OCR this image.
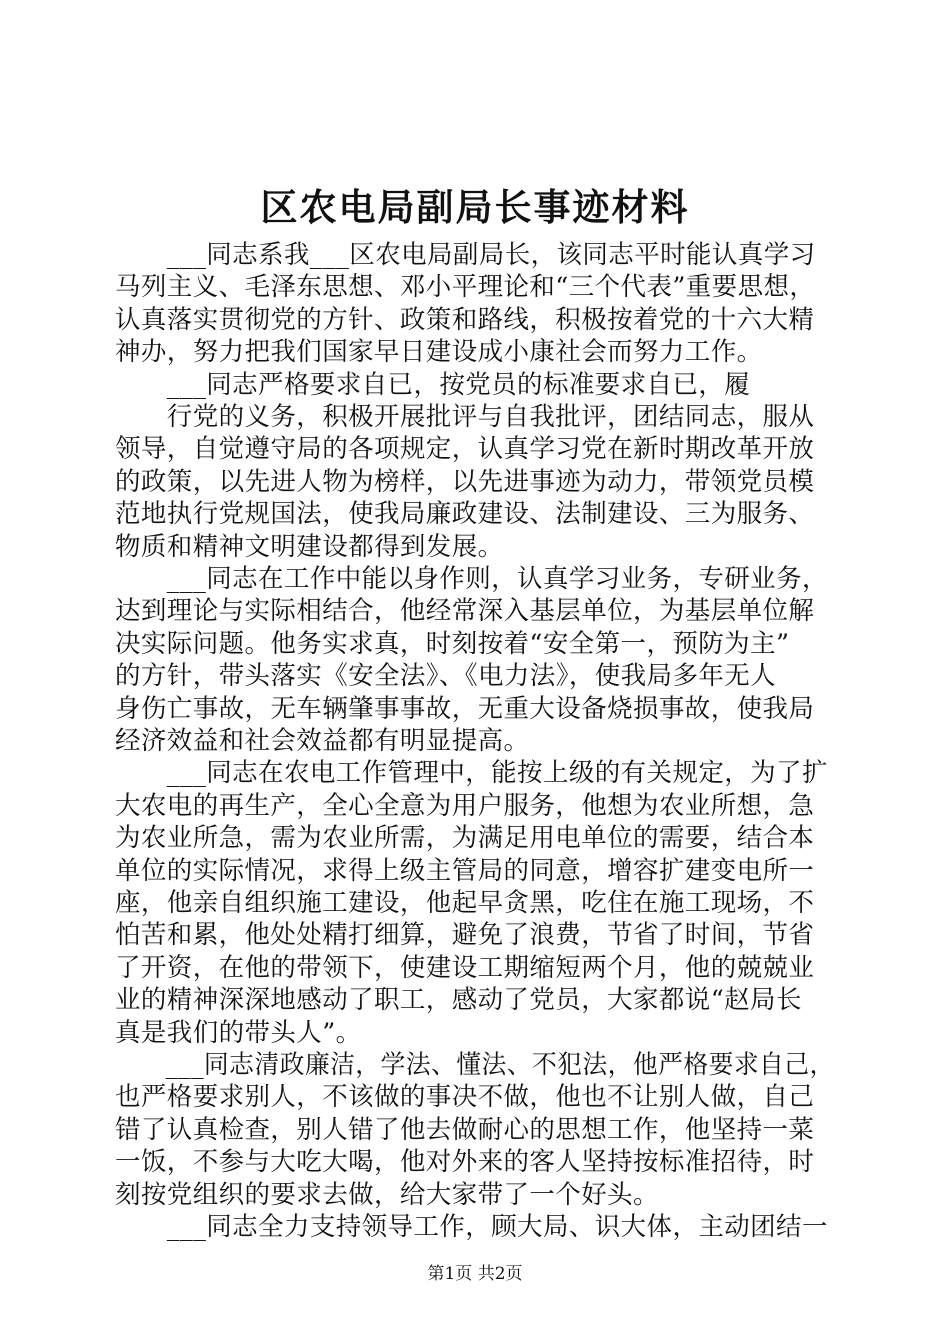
区农电局副局长事迹材料
　　___同志系我___区农电局副局长，该同志平时能认真学习
马列主义、毛泽东思想、邓小平理论和“三个代表”重要思想，
认真落实贯彻党的方针、政策和路线，积极按着党的十六大精
神办，努力把我们国家早日建设成小康社会而努力工作。
　　___同志严格要求自已，按党员的标准要求自已，履
　　行党的义务，积极开展批评与自我批评，团结同志，服从
领导，自觉遵守局的各项规定，认真学习党在新时期改革开放
的政策，以先进人物为榜样，以先进事迹为动力，带领党员模
范地执行党规国法，使我局廉政建设、法制建设、三为服务、
物质和精神文明建设都得到发展。
　　___同志在工作中能以身作则，认真学习业务，专研业务，
达到理论与实际相结合，他经常深入基层单位，为基层单位解
决实际问题。他务实求真，时刻按着“安全第一，预防为主”
的方针，带头落实《安全法》、《电力法》，使我局多年无人
身伤亡事故，无车辆肇事事故，无重大设备烧损事故，使我局
经济效益和社会效益都有明显提高。
　　___同志在农电工作管理中，能按上级的有关规定，为了扩
大农电的再生产，全心全意为用户服务，他想为农业所想，急
为农业所急，需为农业所需，为满足用电单位的需要，结合本
单位的实际情况，求得上级主管局的同意，增容扩建变电所一
座，他亲自组织施工建设，他起早贪黑，吃住在施工现场，不
怕苦和累，他处处精打细算，避免了浪费，节省了时间，节省
了开资，在他的带领下，使建设工期缩短两个月，他的兢兢业
业的精神深深地感动了职工，感动了党员，大家都说“赵局长
真是我们的带头人”。
　　___同志清政廉洁，学法、懂法、不犯法，他严格要求自己，
也严格要求别人，不该做的事决不做，他也不让别人做，自己
错了认真检查，别人错了他去做耐心的思想工作，他坚持一菜
一饭，不参与大吃大喝，他对外来的客人坚持按标准招待，时
刻按党组织的要求去做，给大家带了一个好头。
　　___同志全力支持领导工作，顾大局、识大体，主动团结一
第1页 共2页
